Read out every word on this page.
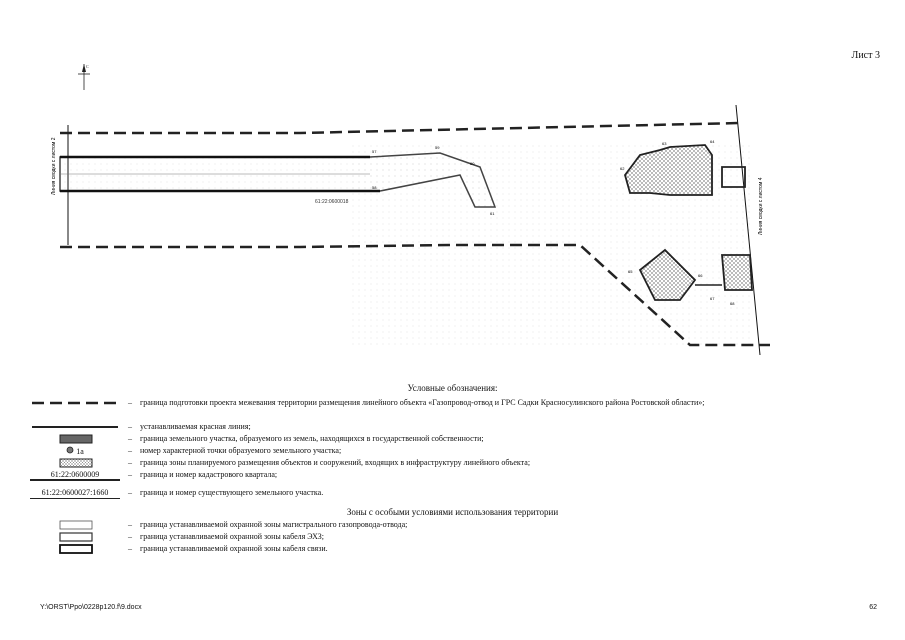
Лист 3
С
Линия сводки с листом 2
Линия сводки с листом 4
61:22:0600018
57
58
59
60
61
62
63	64
65
66
67
68
Условные обозначения:
– граница подготовки проекта межевания территории размещения линейного объекта «Газопровод-отвод и ГРС Садки Красносулинского района Ростовской области»;
– устанавливаемая красная линия;
– граница земельного участка, образуемого из земель, находящихся в государственной собственности;
1а	– номер характерной точки образуемого земельного участка;
– граница зоны планируемого размещения объектов и сооружений, входящих в инфраструктуру линейного объекта;
61:22:0600009	– граница и номер кадастрового квартала;
61:22:0600027:1660	– граница и номер существующего земельного участка.
Зоны с особыми условиями использования территории
– граница устанавливаемой охранной зоны магистрального газопровода-отвода;
– граница устанавливаемой охранной зоны кабеля ЭХЗ;
– граница устанавливаемой охранной зоны кабеля связи.
Y:\ORST\Ppo\0228p120.f\9.docx	62
